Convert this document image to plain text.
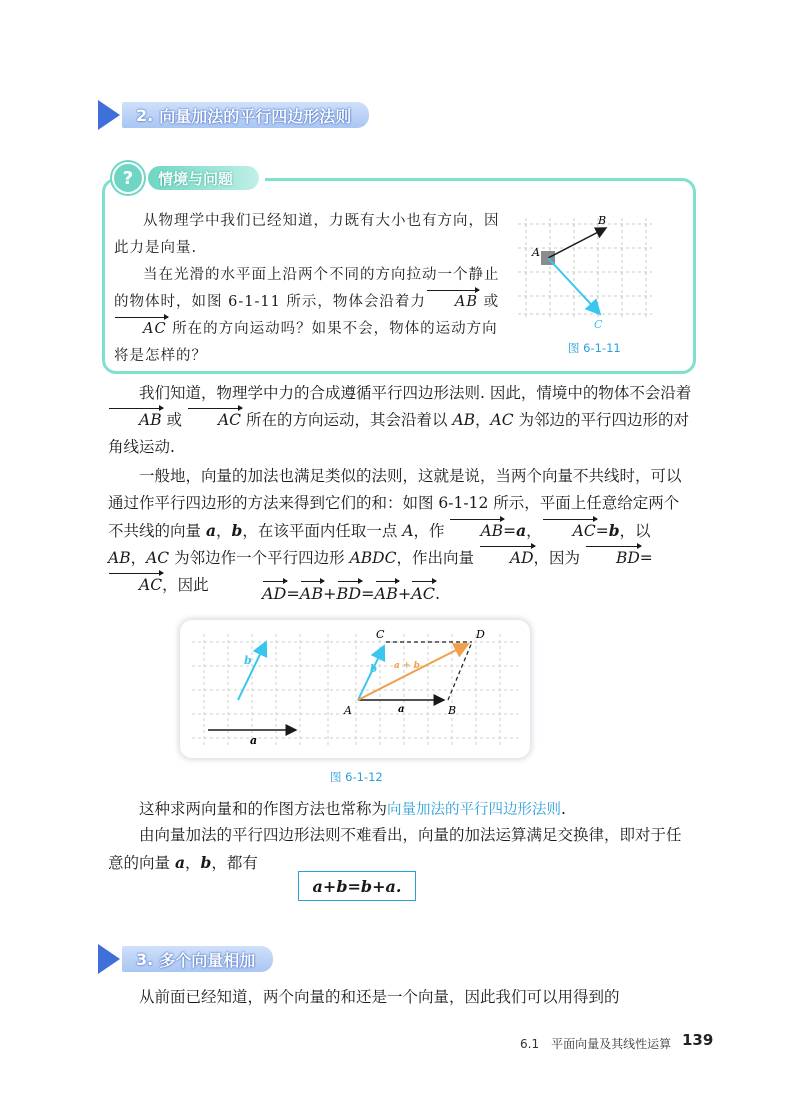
2. 向量加法的平行四边形法则
?	情境与问题

从物理学中我们已经知道，力既有大小也有方向，因此力是向量.

当在光滑的水平面上沿两个不同的方向拉动一个静止的物体时，如图 6-1-11 所示，物体会沿着力 AB 或
AC 所在的方向运动吗？如果不会，物体的运动方向将是怎样的？

A
B
C
图 6-1-11

我们知道，物理学中力的合成遵循平行四边形法则. 因此，情境中的物体不会沿着AB 或 AC 所在的方向运动，其会沿着以 AB，AC 为邻边的平行四边形的对角线运动.

一般地，向量的加法也满足类似的法则，这就是说，当两个向量不共线时，可以通过作平行四边形的方法来得到它们的和：如图 6-1-12 所示，平面上任意给定两个不共线的向量 a，b，在该平面内任取一点 A，作 AB=a， AC=b，以 AB，AC 为邻边作一个平行四边形 ABDC，作出向量 AD，因为 BD=AC，因此	AD=AB+BD=AB+AC.
b
a
b a + b
a
A	B
C	D
图 6-1-12

这种求两向量和的作图方法也常称为向量加法的平行四边形法则.

由向量加法的平行四边形法则不难看出，向量的加法运算满足交换律，即对于任意的向量 a，b，都有

a+b=b+a.
3. 多个向量相加

从前面已经知道，两个向量的和还是一个向量，因此我们可以用得到的

6.1　平面向量及其线性运算 139
